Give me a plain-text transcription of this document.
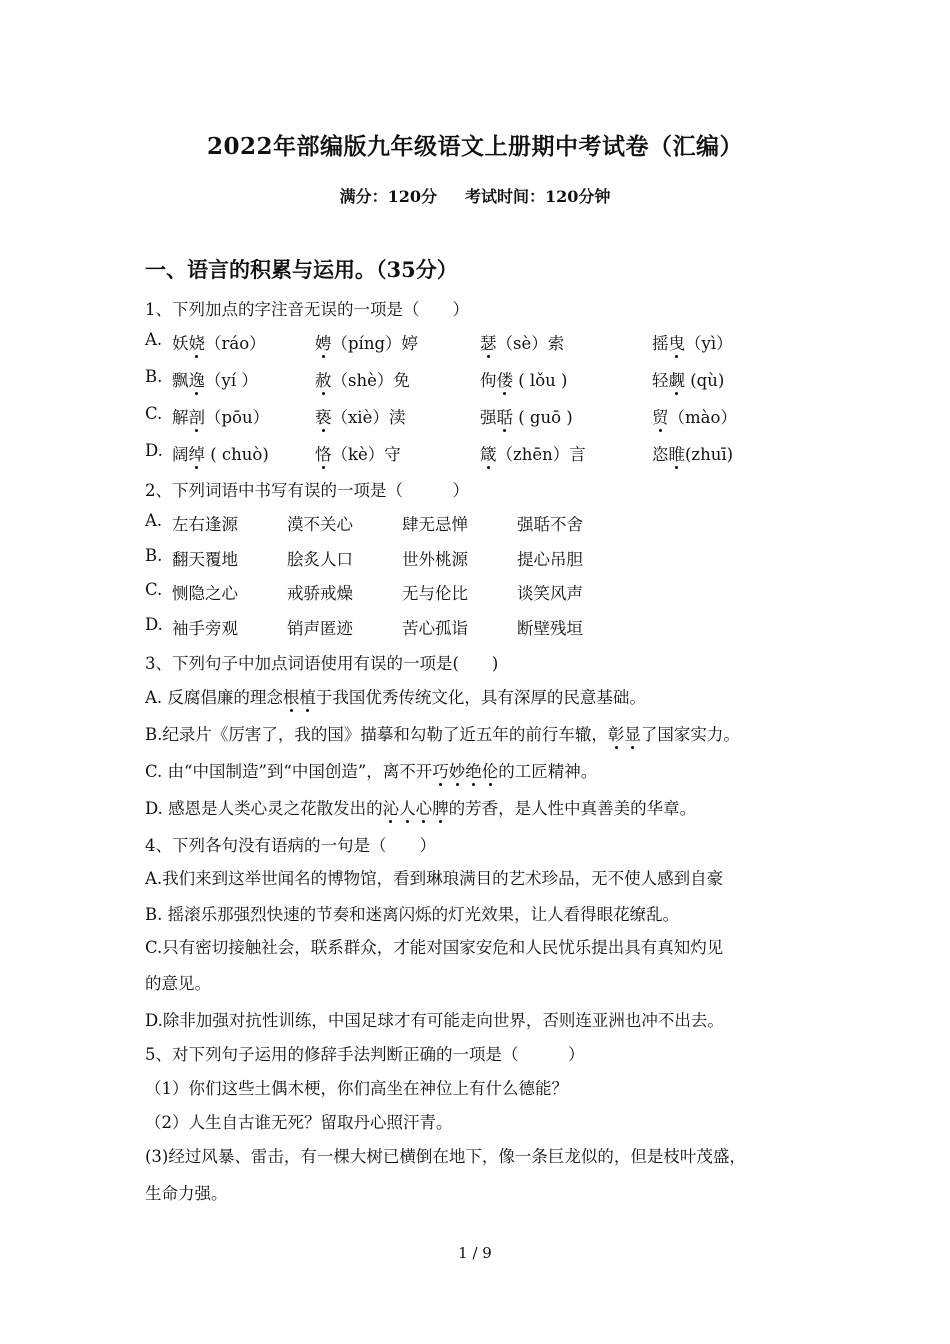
2022年部编版九年级语文上册期中考试卷（汇编）
满分：120分 考试时间：120分钟
一、语言的积累与运用。（35分）
1、下列加点的字注音无误的一项是（　　）
A. 妖娆（ráo）	娉（píng）婷	瑟（sè）索	摇曳（yì）
B. 飘逸（yí ）	赦（shè）免	佝偻 ( lǒu )	轻觑 (qù)
C. 解剖（pōu）	亵（xiè）渎	强聒 ( guō )	贸（mào）
D. 阔绰 ( chuò)	恪（kè）守	箴（zhēn）言	恣睢(zhuī)
2、下列词语中书写有误的一项是（　　　）
A. 左右逢源	漠不关心	肆无忌惮	强聒不舍
B. 翻天覆地	脍炙人口	世外桃源	提心吊胆
C. 恻隐之心	戒骄戒燥	无与伦比	谈笑风声
D. 袖手旁观	销声匿迹	苦心孤诣	断壁残垣
3、下列句子中加点词语使用有误的一项是(　　)
A. 反腐倡廉的理念根植于我国优秀传统文化，具有深厚的民意基础。
B.纪录片《厉害了，我的国》描摹和勾勒了近五年的前行车辙，彰显了国家实力。
C. 由“中国制造”到“中国创造”，离不开巧妙绝伦的工匠精神。
D. 感恩是人类心灵之花散发出的沁人心脾的芳香，是人性中真善美的华章。
4、下列各句没有语病的一句是（　　）
A.我们来到这举世闻名的博物馆，看到琳琅满目的艺术珍品，无不使人感到自豪
B. 摇滚乐那强烈快速的节奏和迷离闪烁的灯光效果，让人看得眼花缭乱。
C.只有密切接触社会，联系群众，才能对国家安危和人民忧乐提出具有真知灼见
的意见。
D.除非加强对抗性训练，中国足球才有可能走向世界，否则连亚洲也冲不出去。
5、对下列句子运用的修辞手法判断正确的一项是（　　　）
（1）你们这些土偶木梗，你们高坐在神位上有什么德能？
（2）人生自古谁无死？留取丹心照汗青。
(3)经过风暴、雷击，有一棵大树已横倒在地下，像一条巨龙似的，但是枝叶茂盛，
生命力强。
1 / 9
